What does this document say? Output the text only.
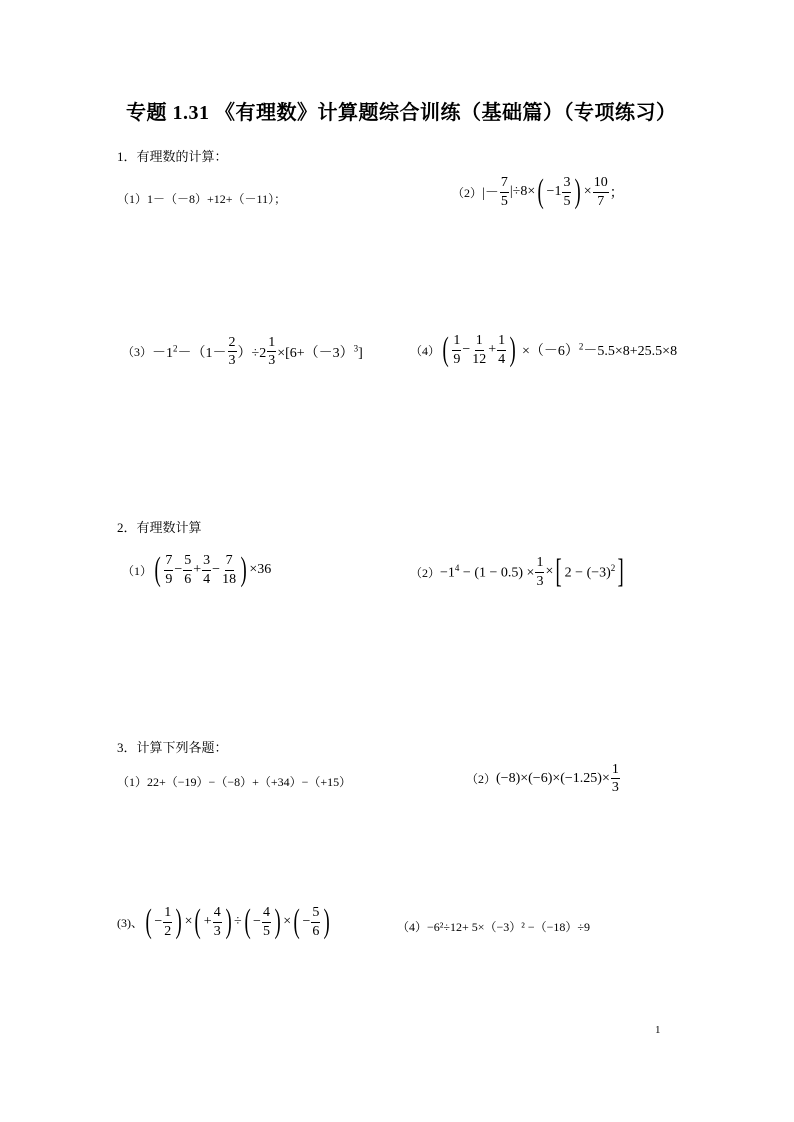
专题 1.31 《有理数》计算题综合训练（基础篇）（专项练习）
1．有理数的计算：
（1）1－（－8）+12+（－11）；	（2） |－ $\frac{7}{5} |\div 8\times$ ( $-1 \frac{3}{5}$ ) × $\frac{10}{7}$ ；
$(3) -1^2-(1- \frac{2}{3} )\div 2 \frac{1}{3} \times[6+(-3)^3]$	（4） ( $\frac{1}{9} - \frac{1}{12} + \frac{1}{4}$ ) $\times(-6)^2-5.5\times 8+25.5\times 8$
2．有理数计算
（1） ( $\frac{7}{9} - \frac{5}{6} + \frac{3}{4} - \frac{7}{18}$ ) ×36	$(2) -1^4 - (1 - 0.5) \times \frac{1}{3}$ × [ $2 - (-3)^2$ ]
3．计算下列各题：
（1）22+（−19）−（−8）+（+34）−（+15）	（2） $(-8)\times(-6)\times(-1.25)\times \frac{1}{3}$
(3)、 ( − $\frac{1}{2}$ ) × ( + $\frac{4}{3}$ ) ÷ ( − $\frac{4}{5}$ ) × ( − $\frac{5}{6}$ )	（4）−6²÷12+ 5×（−3）² −（−18）÷9
1
